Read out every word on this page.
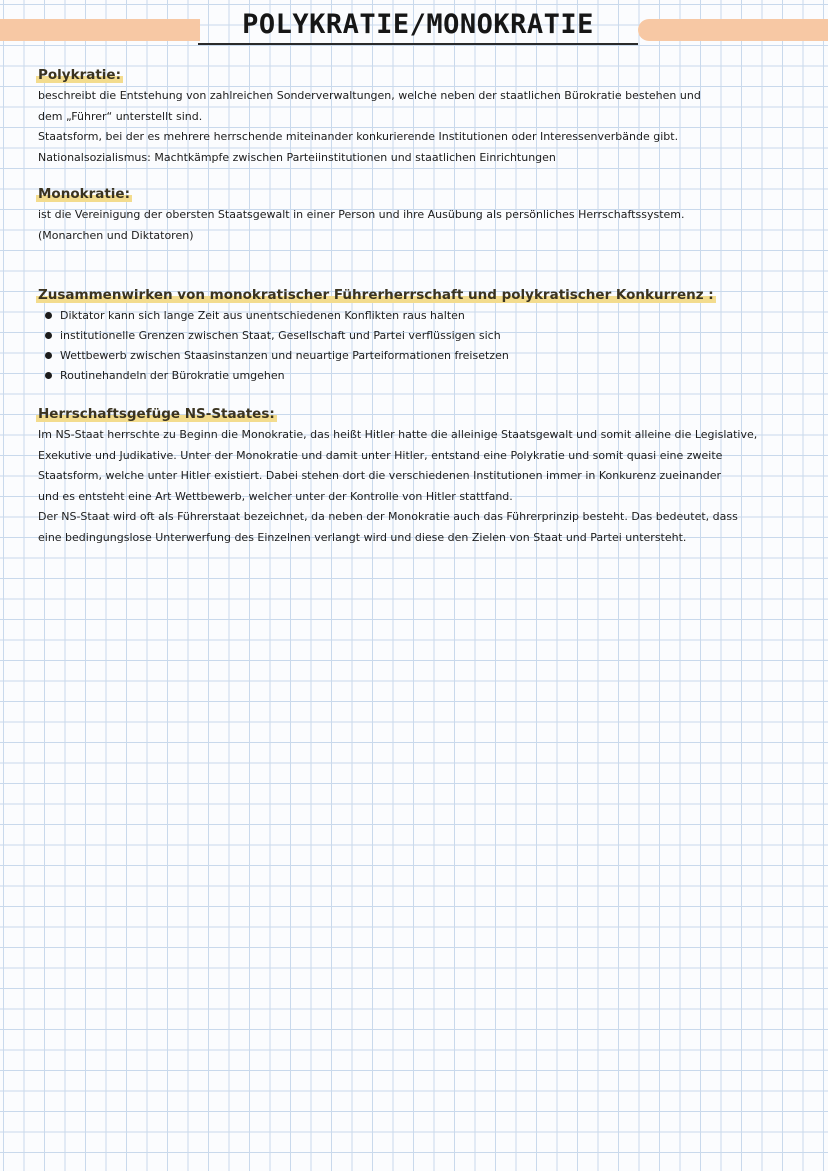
POLYKRATIE/MONOKRATIE
Polykratie:

beschreibt die Entstehung von zahlreichen Sonderverwaltungen, welche neben der staatlichen Bürokratie bestehen und

dem „Führer“ unterstellt sind.

Staatsform, bei der es mehrere herrschende miteinander konkurierende Institutionen oder Interessenverbände gibt.

Nationalsozialismus: Machtkämpfe zwischen Parteiinstitutionen und staatlichen Einrichtungen

Monokratie:

ist die Vereinigung der obersten Staatsgewalt in einer Person und ihre Ausübung als persönliches Herrschaftssystem.

(Monarchen und Diktatoren)

Zusammenwirken von monokratischer Führerherrschaft und polykratischer Konkurrenz :
Diktator kann sich lange Zeit aus unentschiedenen Konflikten raus halten
institutionelle Grenzen zwischen Staat, Gesellschaft und Partei verflüssigen sich
Wettbewerb zwischen Staasinstanzen und neuartige Parteiformationen freisetzen
Routinehandeln der Bürokratie umgehen
Herrschaftsgefüge NS-Staates:

Im NS-Staat herrschte zu Beginn die Monokratie, das heißt Hitler hatte die alleinige Staatsgewalt und somit alleine die Legislative,

Exekutive und Judikative. Unter der Monokratie und damit unter Hitler, entstand eine Polykratie und somit quasi eine zweite

Staatsform, welche unter Hitler existiert. Dabei stehen dort die verschiedenen Institutionen immer in Konkurenz zueinander

und es entsteht eine Art Wettbewerb, welcher unter der Kontrolle von Hitler stattfand.

Der NS-Staat wird oft als Führerstaat bezeichnet, da neben der Monokratie auch das Führerprinzip besteht. Das bedeutet, dass

eine bedingungslose Unterwerfung des Einzelnen verlangt wird und diese den Zielen von Staat und Partei untersteht.
